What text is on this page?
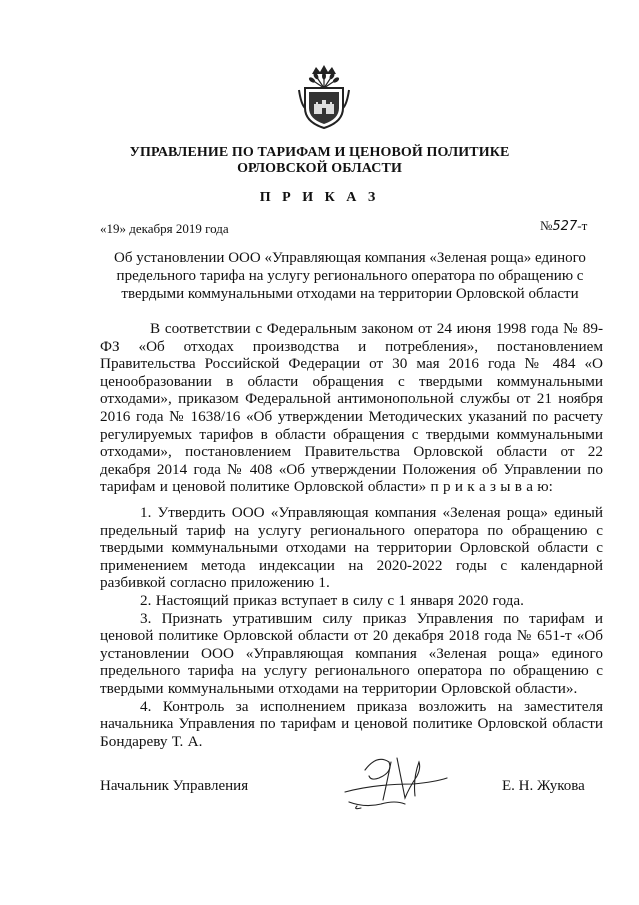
УПРАВЛЕНИЕ ПО ТАРИФАМ И ЦЕНОВОЙ ПОЛИТИКЕ
ОРЛОВСКОЙ ОБЛАСТИ
П Р И К А З
«19» декабря 2019 года	№527-т
Об установлении ООО «Управляющая компания «Зеленая роща» единого предельного тарифа на услугу регионального оператора по обращению с твердыми коммунальными отходами на территории Орловской области

В соответствии с Федеральным законом от 24 июня 1998 года № 89-ФЗ «Об отходах производства и потребления», постановлением Правительства Российской Федерации от 30 мая 2016 года № 484 «О ценообразовании в области обращения с твердыми коммунальными отходами», приказом Федеральной антимонопольной службы от 21 ноября 2016 года № 1638/16 «Об утверждении Методических указаний по расчету регулируемых тарифов в области обращения с твердыми коммунальными отходами», постановлением Правительства Орловской области от 22 декабря 2014 года № 408 «Об утверждении Положения об Управлении по тарифам и ценовой политике Орловской области» п р и к а з ы в а ю:

1. Утвердить ООО «Управляющая компания «Зеленая роща» единый предельный тариф на услугу регионального оператора по обращению с твердыми коммунальными отходами на территории Орловской области с применением метода индексации на 2020-2022 годы с календарной разбивкой согласно приложению 1.

2. Настоящий приказ вступает в силу с 1 января 2020 года.

3. Признать утратившим силу приказ Управления по тарифам и ценовой политике Орловской области от 20 декабря 2018 года № 651-т «Об установлении ООО «Управляющая компания «Зеленая роща» единого предельного тарифа на услугу регионального оператора по обращению с твердыми коммунальными отходами на территории Орловской области».

4. Контроль за исполнением приказа возложить на заместителя начальника Управления по тарифам и ценовой политике Орловской области Бондареву Т. А.

Начальник Управления	Е. Н. Жукова
